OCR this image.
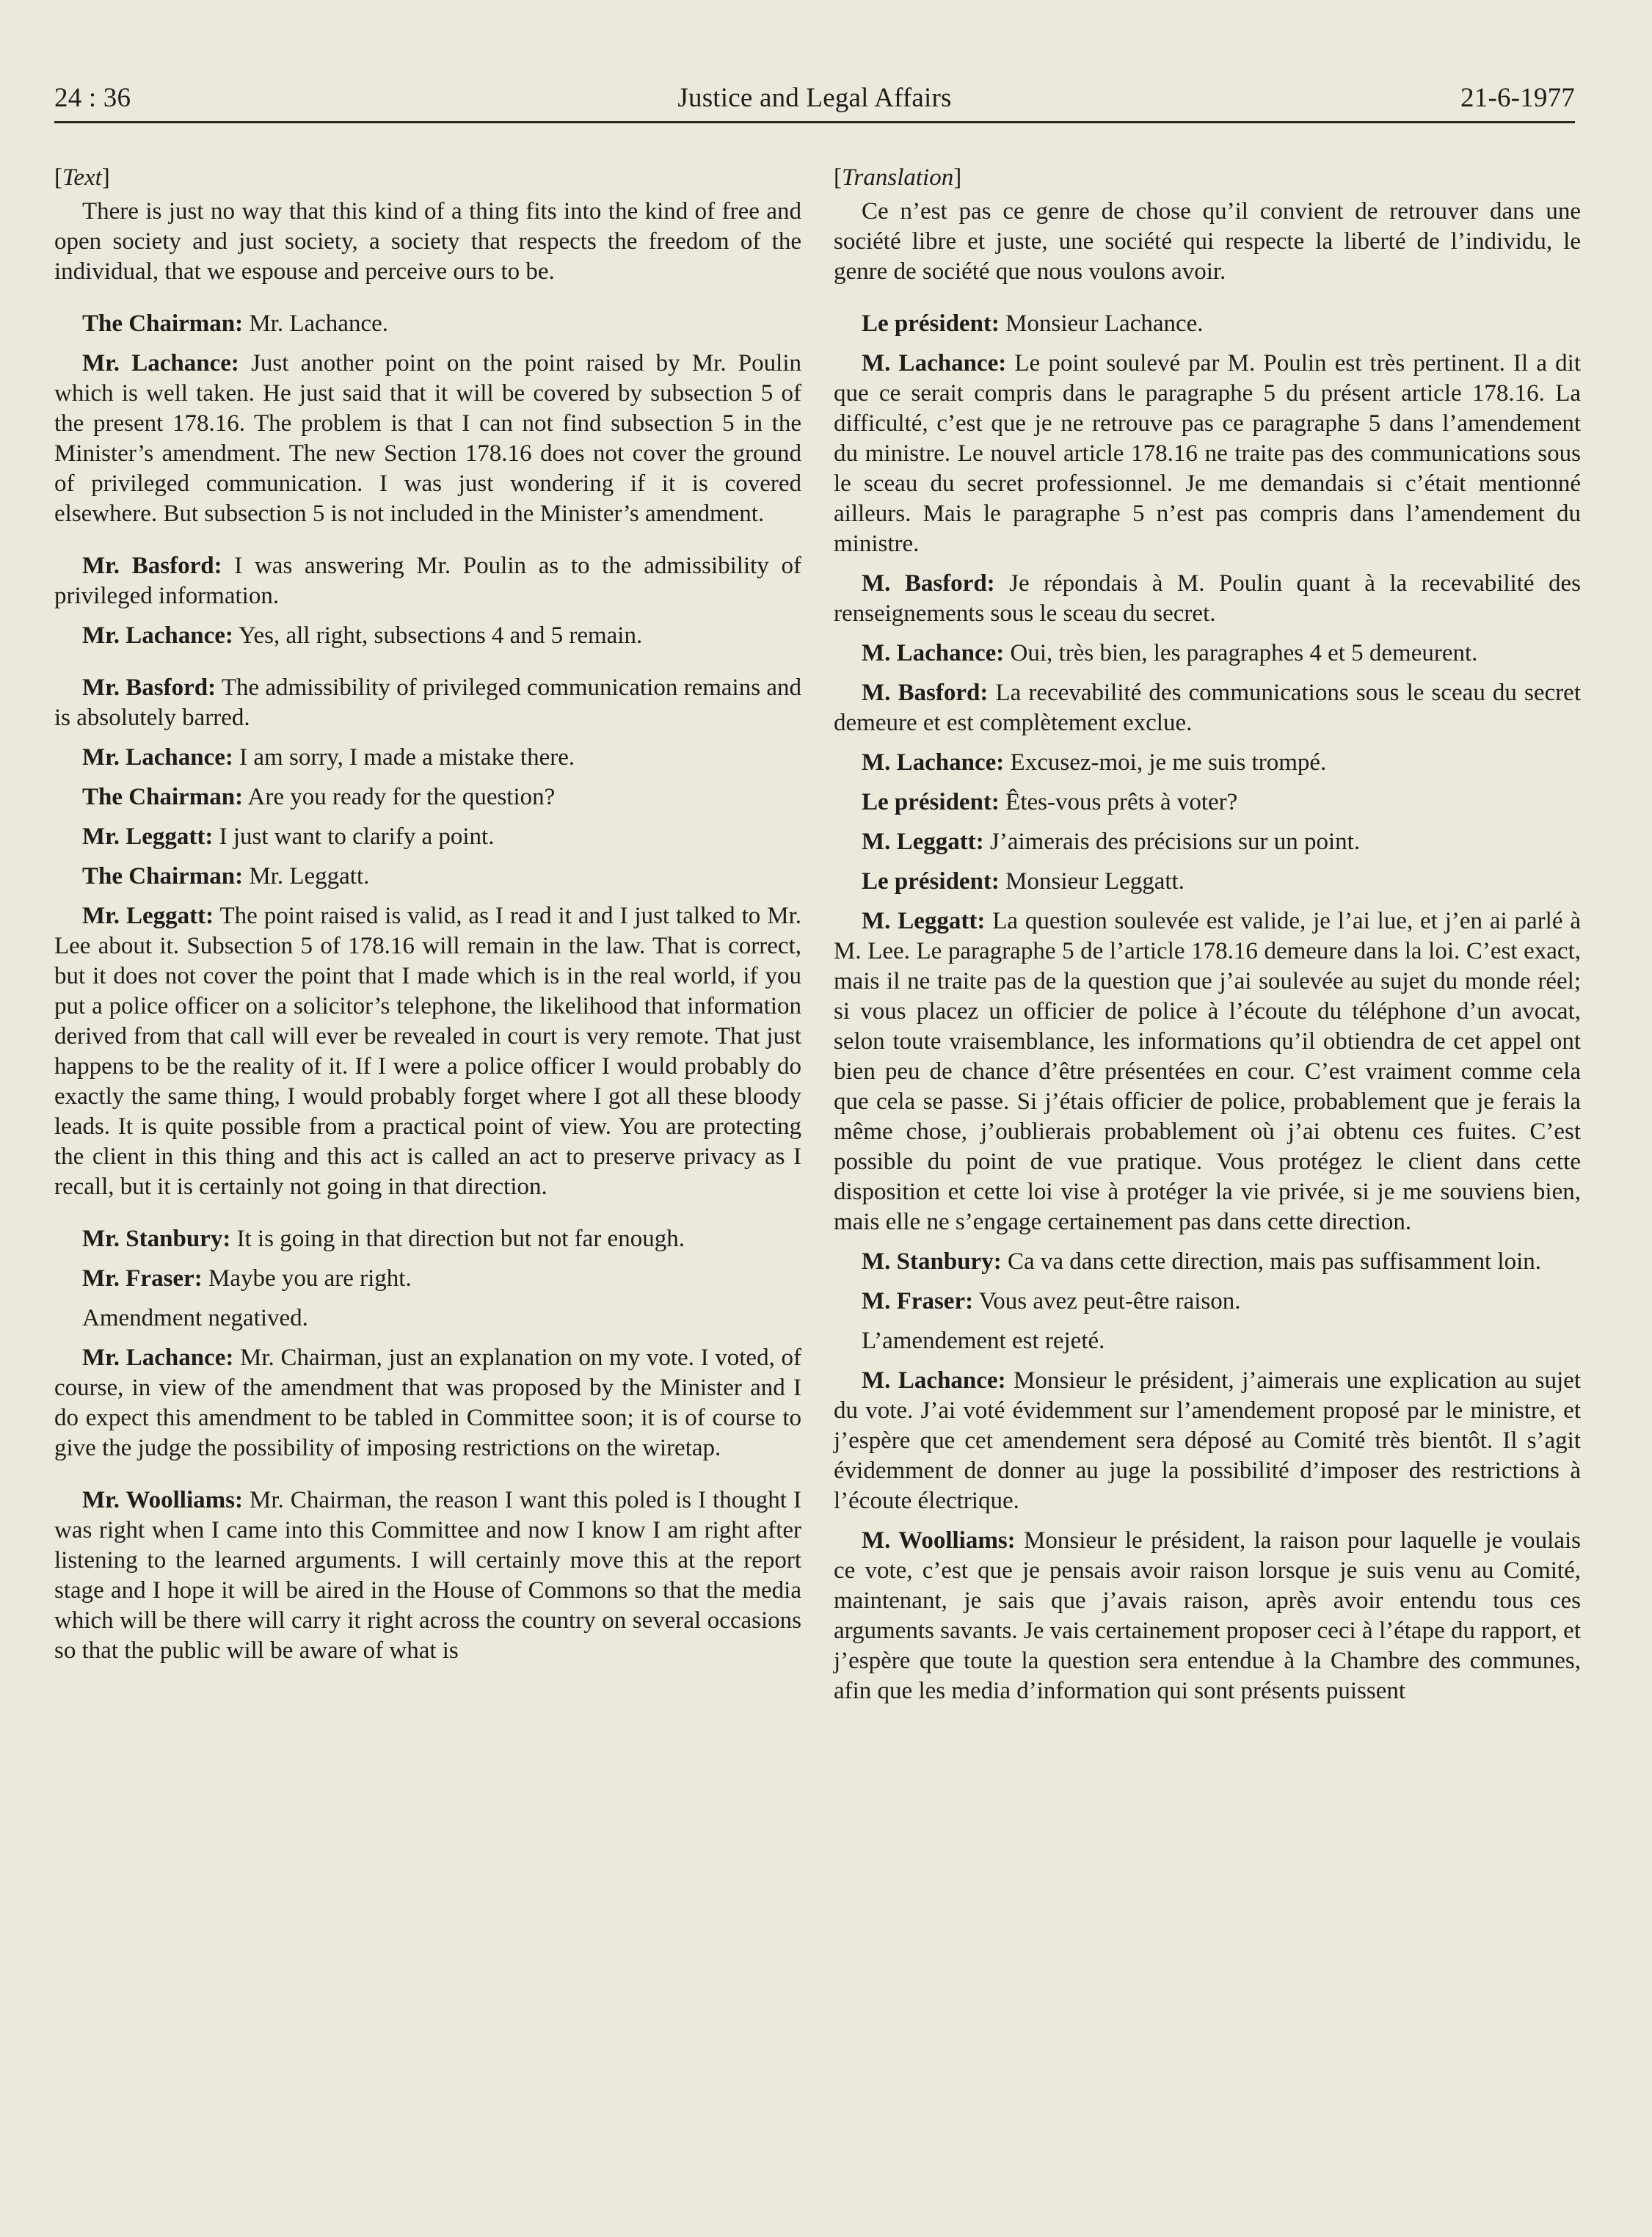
24 : 36	Justice and Legal Affairs	21-6-1977

[Text]

There is just no way that this kind of a thing fits into the kind of free and open society and just society, a society that respects the freedom of the individual, that we espouse and perceive ours to be.

The Chairman: Mr. Lachance.

Mr. Lachance: Just another point on the point raised by Mr. Poulin which is well taken. He just said that it will be covered by subsection 5 of the present 178.16. The problem is that I can not find subsection 5 in the Minister’s amendment. The new Section 178.16 does not cover the ground of privileged communication. I was just wondering if it is covered elsewhere. But subsection 5 is not included in the Minister’s amendment.

Mr. Basford: I was answering Mr. Poulin as to the admissibility of privileged information.

Mr. Lachance: Yes, all right, subsections 4 and 5 remain.

Mr. Basford: The admissibility of privileged communication remains and is absolutely barred.

Mr. Lachance: I am sorry, I made a mistake there.

The Chairman: Are you ready for the question?

Mr. Leggatt: I just want to clarify a point.

The Chairman: Mr. Leggatt.

Mr. Leggatt: The point raised is valid, as I read it and I just talked to Mr. Lee about it. Subsection 5 of 178.16 will remain in the law. That is correct, but it does not cover the point that I made which is in the real world, if you put a police officer on a solicitor’s telephone, the likelihood that information derived from that call will ever be revealed in court is very remote. That just happens to be the reality of it. If I were a police officer I would probably do exactly the same thing, I would probably forget where I got all these bloody leads. It is quite possible from a practical point of view. You are protecting the client in this thing and this act is called an act to preserve privacy as I recall, but it is certainly not going in that direction.

Mr. Stanbury: It is going in that direction but not far enough.

Mr. Fraser: Maybe you are right.

Amendment negatived.

Mr. Lachance: Mr. Chairman, just an explanation on my vote. I voted, of course, in view of the amendment that was proposed by the Minister and I do expect this amendment to be tabled in Committee soon; it is of course to give the judge the possibility of imposing restrictions on the wiretap.

Mr. Woolliams: Mr. Chairman, the reason I want this poled is I thought I was right when I came into this Committee and now I know I am right after listening to the learned arguments. I will certainly move this at the report stage and I hope it will be aired in the House of Commons so that the media which will be there will carry it right across the country on several occasions so that the public will be aware of what is

[Translation]

Ce n’est pas ce genre de chose qu’il convient de retrouver dans une société libre et juste, une société qui respecte la liberté de l’individu, le genre de société que nous voulons avoir.

Le président: Monsieur Lachance.

M. Lachance: Le point soulevé par M. Poulin est très pertinent. Il a dit que ce serait compris dans le paragraphe 5 du présent article 178.16. La difficulté, c’est que je ne retrouve pas ce paragraphe 5 dans l’amendement du ministre. Le nouvel article 178.16 ne traite pas des communications sous le sceau du secret professionnel. Je me demandais si c’était mentionné ailleurs. Mais le paragraphe 5 n’est pas compris dans l’amendement du ministre.

M. Basford: Je répondais à M. Poulin quant à la recevabilité des renseignements sous le sceau du secret.

M. Lachance: Oui, très bien, les paragraphes 4 et 5 demeurent.

M. Basford: La recevabilité des communications sous le sceau du secret demeure et est complètement exclue.

M. Lachance: Excusez-moi, je me suis trompé.

Le président: Êtes-vous prêts à voter?

M. Leggatt: J’aimerais des précisions sur un point.

Le président: Monsieur Leggatt.

M. Leggatt: La question soulevée est valide, je l’ai lue, et j’en ai parlé à M. Lee. Le paragraphe 5 de l’article 178.16 demeure dans la loi. C’est exact, mais il ne traite pas de la question que j’ai soulevée au sujet du monde réel; si vous placez un officier de police à l’écoute du téléphone d’un avocat, selon toute vraisemblance, les informations qu’il obtiendra de cet appel ont bien peu de chance d’être présentées en cour. C’est vraiment comme cela que cela se passe. Si j’étais officier de police, probablement que je ferais la même chose, j’oublierais probablement où j’ai obtenu ces fuites. C’est possible du point de vue pratique. Vous protégez le client dans cette disposition et cette loi vise à protéger la vie privée, si je me souviens bien, mais elle ne s’engage certainement pas dans cette direction.

M. Stanbury: Ca va dans cette direction, mais pas suffisamment loin.

M. Fraser: Vous avez peut-être raison.

L’amendement est rejeté.

M. Lachance: Monsieur le président, j’aimerais une explication au sujet du vote. J’ai voté évidemment sur l’amendement proposé par le ministre, et j’espère que cet amendement sera déposé au Comité très bientôt. Il s’agit évidemment de donner au juge la possibilité d’imposer des restrictions à l’écoute électrique.

M. Woolliams: Monsieur le président, la raison pour laquelle je voulais ce vote, c’est que je pensais avoir raison lorsque je suis venu au Comité, maintenant, je sais que j’avais raison, après avoir entendu tous ces arguments savants. Je vais certainement proposer ceci à l’étape du rapport, et j’espère que toute la question sera entendue à la Chambre des communes, afin que les media d’information qui sont présents puissent
